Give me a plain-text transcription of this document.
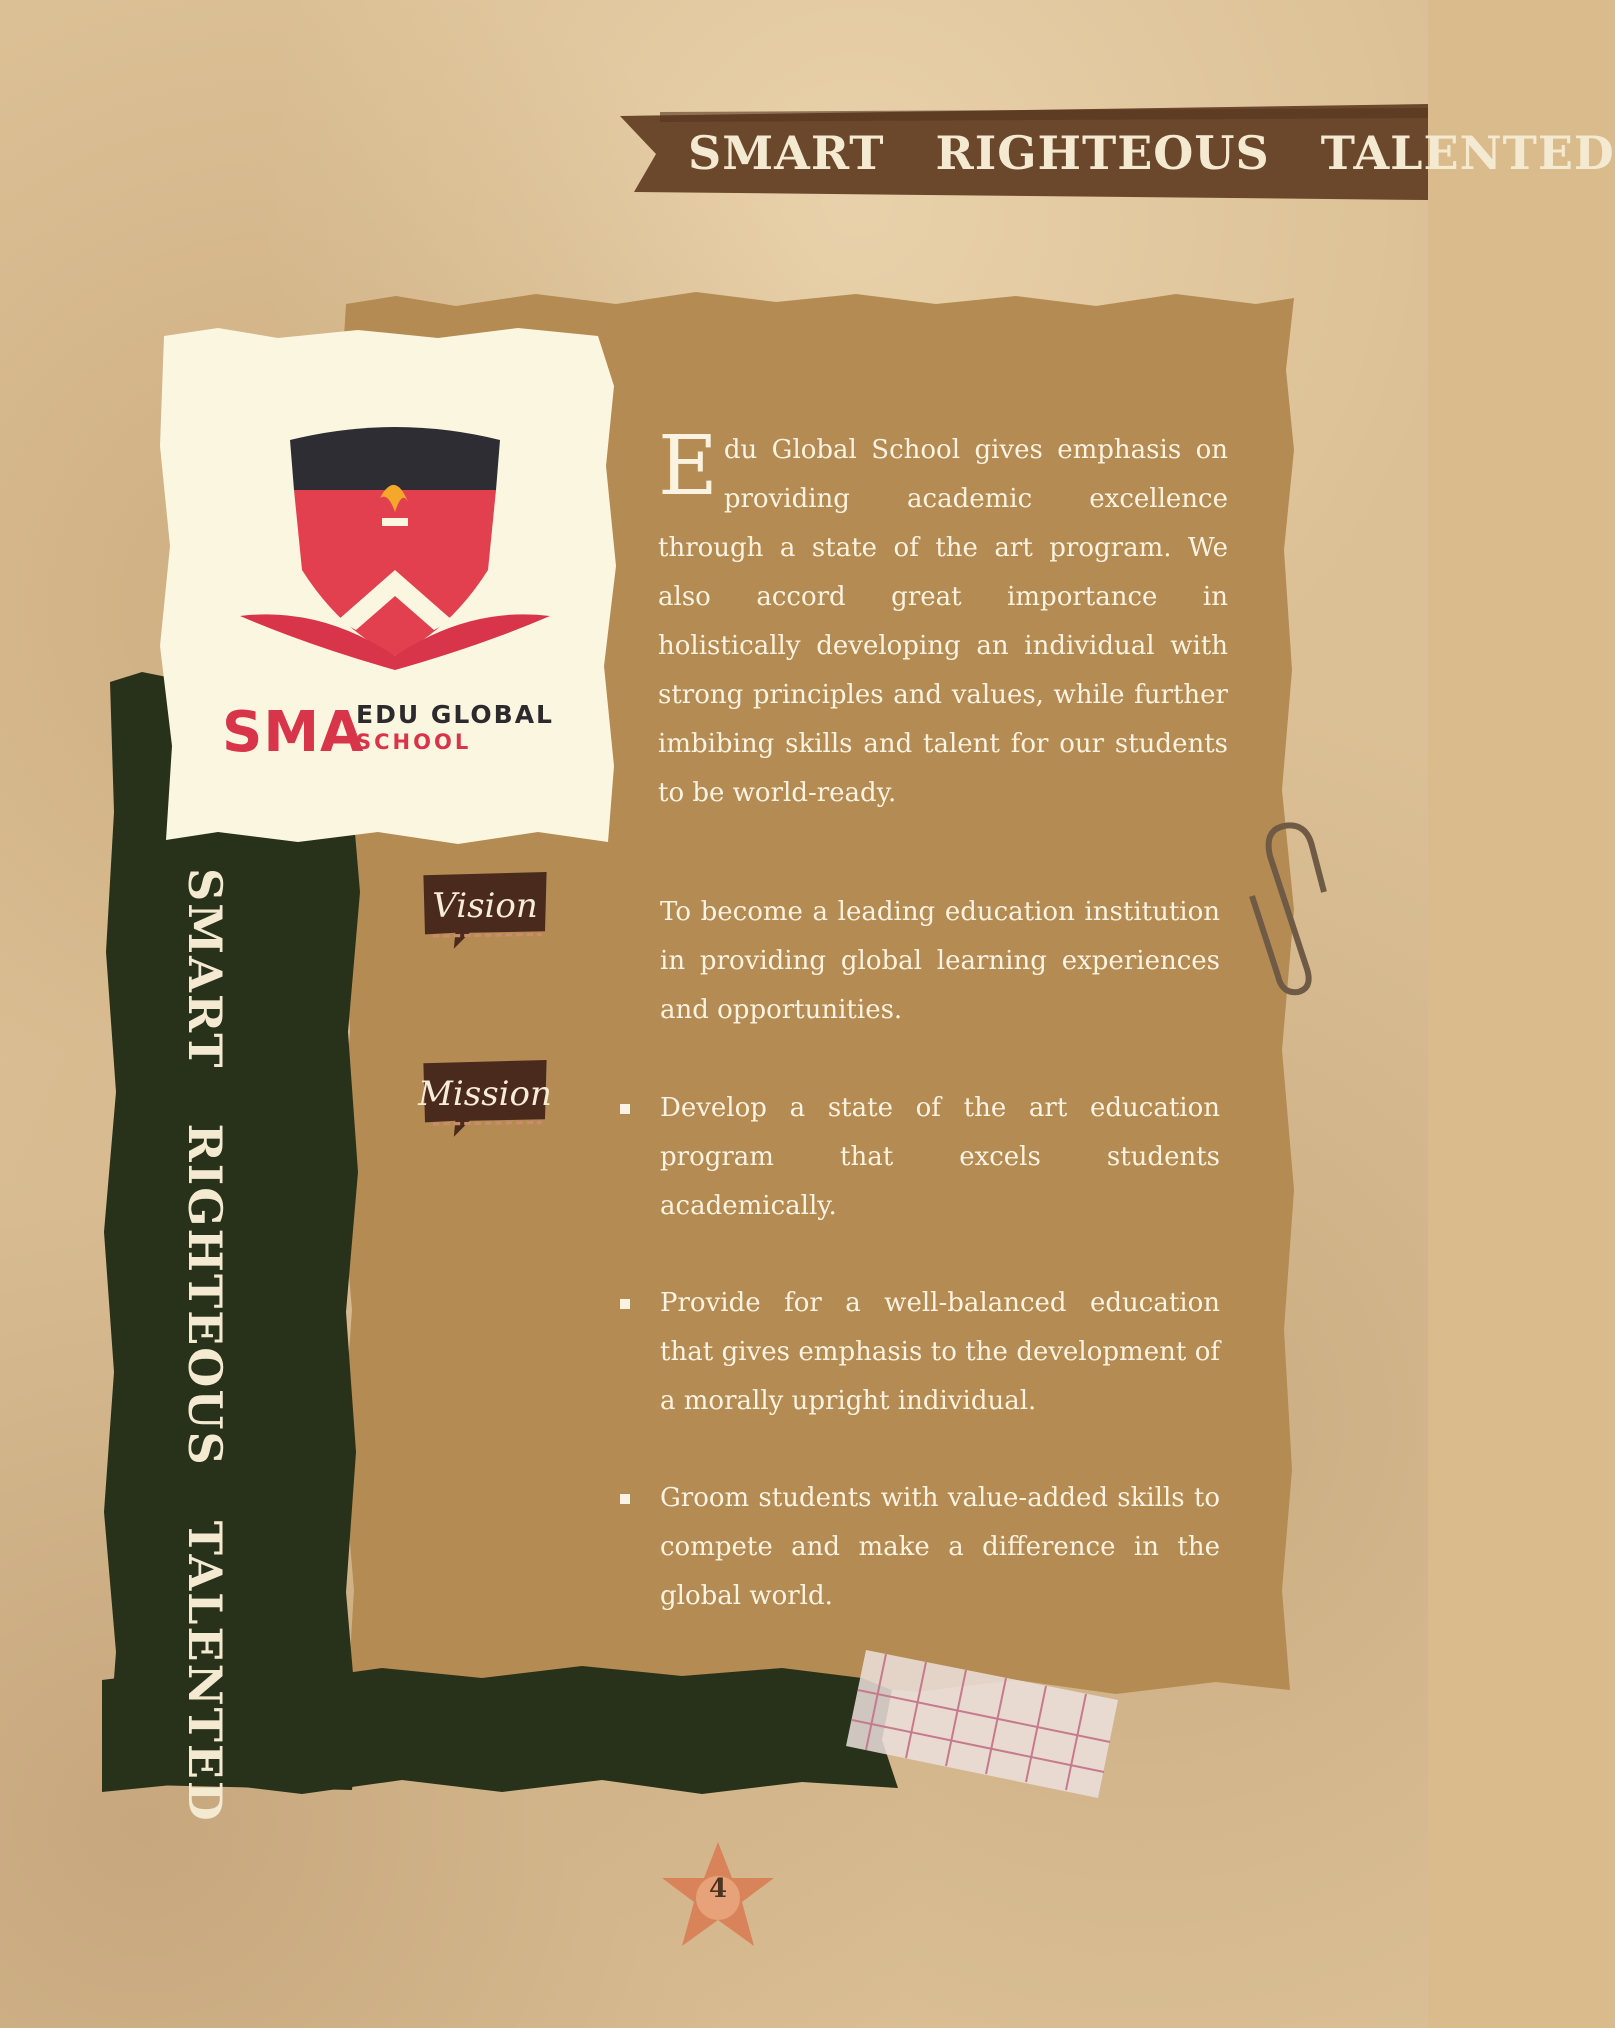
SMART   RIGHTEOUS   TALENTED
SMART   RIGHTEOUS   TALENTED
SMA
EDU GLOBAL
SCHOOL
E du Global School gives emphasis on providing academic excellence through a state of the art program. We also accord great importance in holistically developing an individual with strong principles and values, while further imbibing skills and talent for our students to be world-ready.
Vision	To become a leading education institution in providing global learning experiences and opportunities.
Mission	Develop a state of the art education program that excels students academically.
Provide for a well-balanced education that gives emphasis to the development of a morally upright individual.
Groom students with value-added skills to compete and make a difference in the global world.
4
